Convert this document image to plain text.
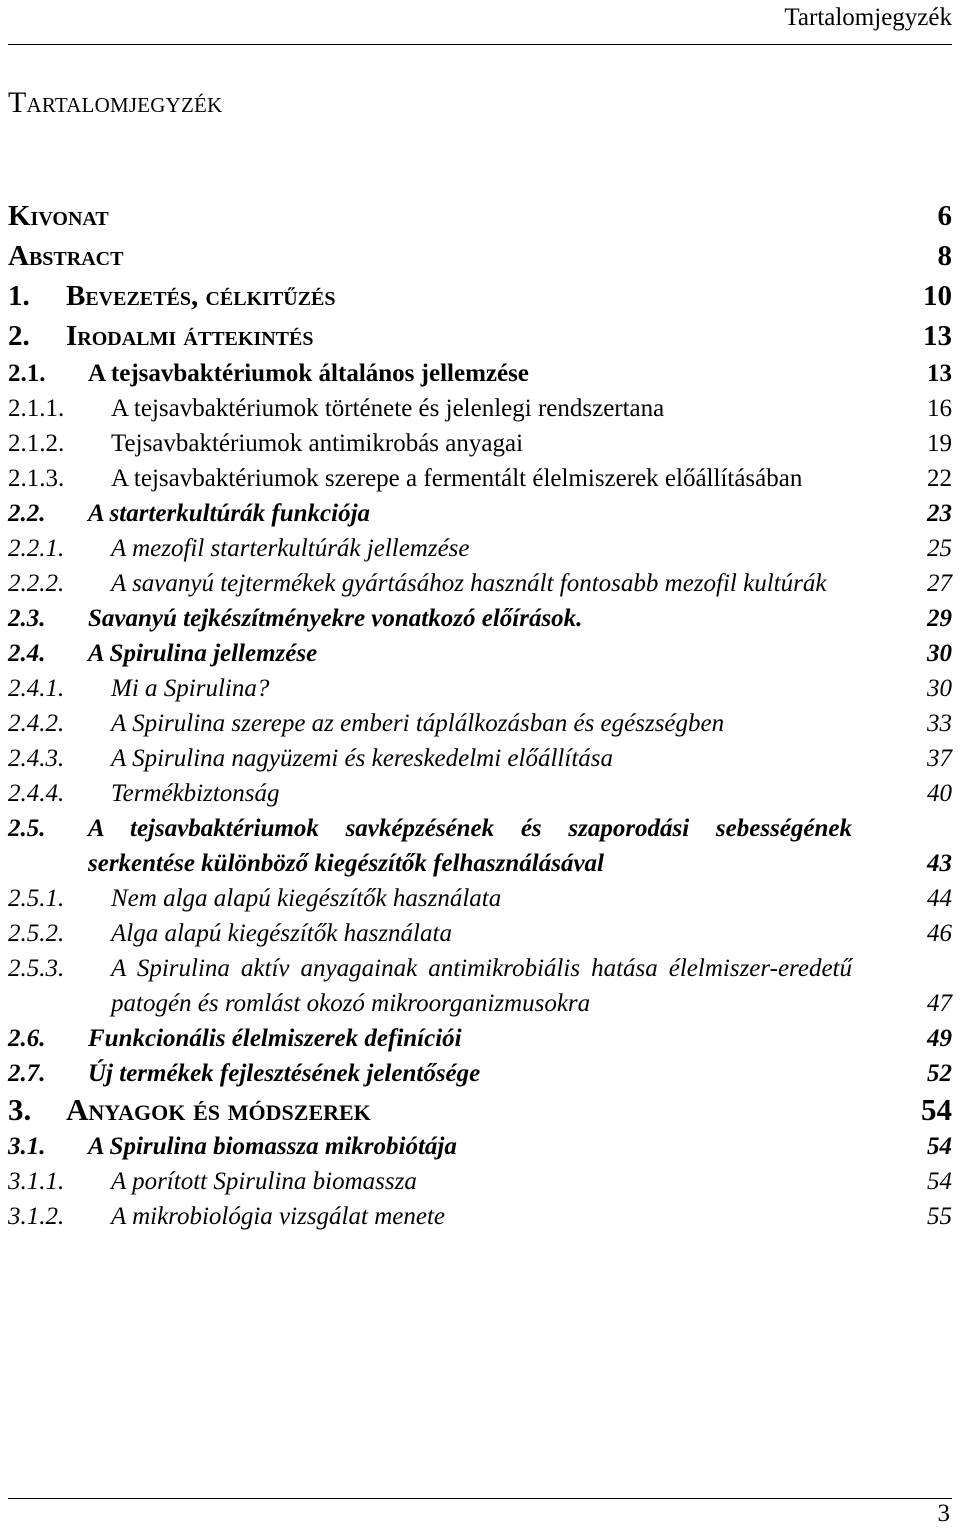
Tartalomjegyzék
Tartalomjegyzék
Kivonat	6
Abstract	8
1. Bevezetés, célkitűzés	10
2. Irodalmi áttekintés	13
2.1. A tejsavbaktériumok általános jellemzése	13
2.1.1. A tejsavbaktériumok története és jelenlegi rendszertana	16
2.1.2. Tejsavbaktériumok antimikrobás anyagai	19
2.1.3. A tejsavbaktériumok szerepe a fermentált élelmiszerek előállításában	22
2.2. A starterkultúrák funkciója	23
2.2.1. A mezofil starterkultúrák jellemzése	25
2.2.2. A savanyú tejtermékek gyártásához használt fontosabb mezofil kultúrák	27
2.3. Savanyú tejkészítményekre vonatkozó előírások.	29
2.4. A Spirulina jellemzése	30
2.4.1. Mi a Spirulina?	30
2.4.2. A Spirulina szerepe az emberi táplálkozásban és egészségben	33
2.4.3. A Spirulina nagyüzemi és kereskedelmi előállítása	37
2.4.4. Termékbiztonság	40
2.5. A tejsavbaktériumok savképzésének és szaporodási sebességének serkentése különböző kiegészítők felhasználásával	43
2.5.1. Nem alga alapú kiegészítők használata	44
2.5.2. Alga alapú kiegészítők használata	46
2.5.3. A Spirulina aktív anyagainak antimikrobiális hatása élelmiszer-eredetű patogén és romlást okozó mikroorganizmusokra	47
2.6. Funkcionális élelmiszerek definíciói	49
2.7. Új termékek fejlesztésének jelentősége	52
3. Anyagok és módszerek	54
3.1. A Spirulina biomassza mikrobiótája	54
3.1.1. A porított Spirulina biomassza	54
3.1.2. A mikrobiológia vizsgálat menete	55
3
